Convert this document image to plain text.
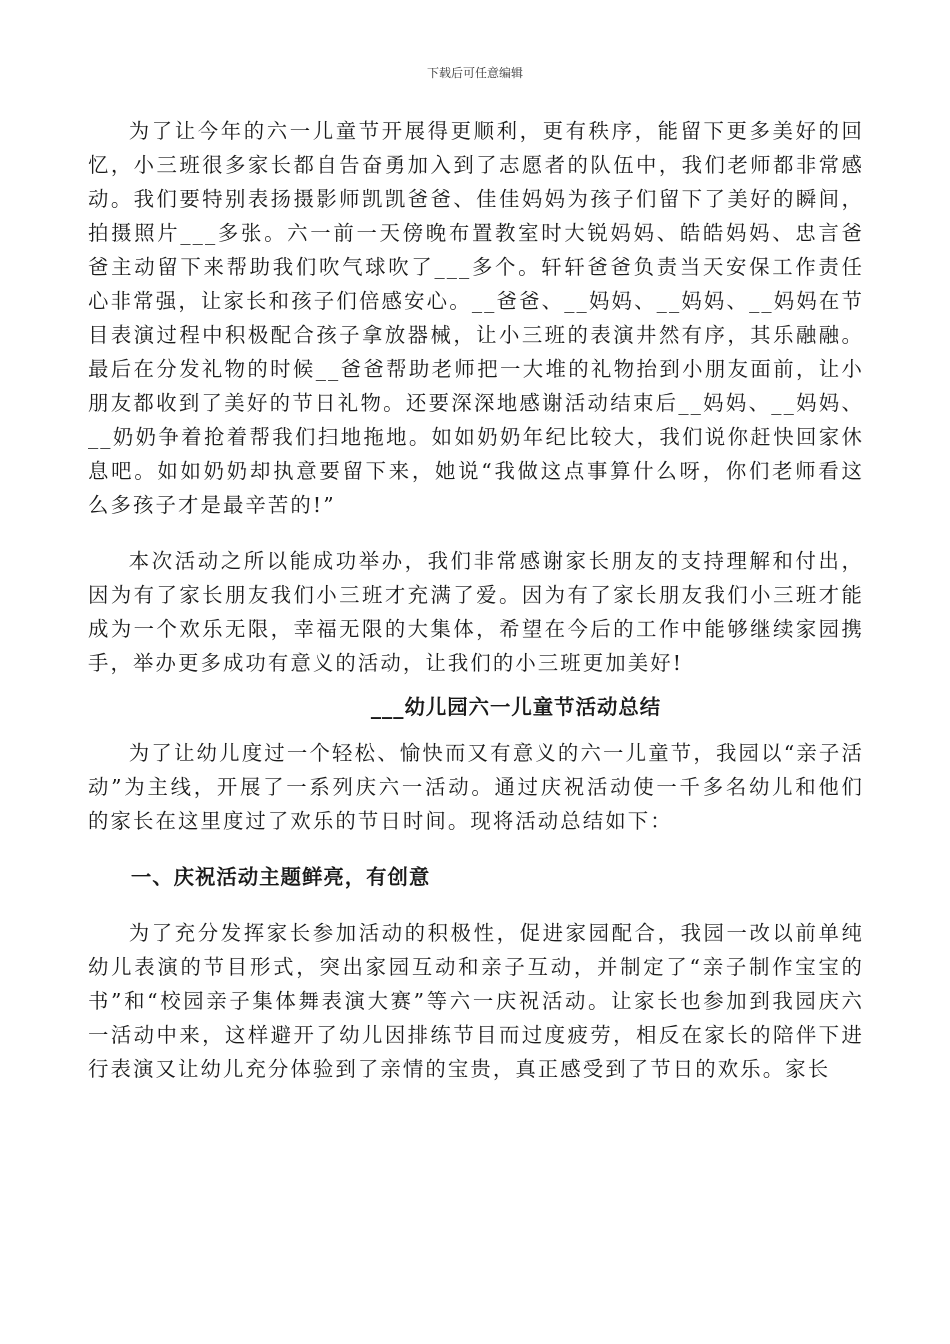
下载后可任意编辑

为了让今年的六一儿童节开展得更顺利，更有秩序，能留下更多美好的回忆，小三班很多家长都自告奋勇加入到了志愿者的队伍中，我们老师都非常感动。我们要特别表扬摄影师凯凯爸爸、佳佳妈妈为孩子们留下了美好的瞬间，拍摄照片___多张。六一前一天傍晚布置教室时大锐妈妈、皓皓妈妈、忠言爸爸主动留下来帮助我们吹气球吹了___多个。轩轩爸爸负责当天安保工作责任心非常强，让家长和孩子们倍感安心。__爸爸、__妈妈、__妈妈、__妈妈在节目表演过程中积极配合孩子拿放器械，让小三班的表演井然有序，其乐融融。最后在分发礼物的时候__爸爸帮助老师把一大堆的礼物抬到小朋友面前，让小朋友都收到了美好的节日礼物。还要深深地感谢活动结束后__妈妈、__妈妈、__奶奶争着抢着帮我们扫地拖地。如如奶奶年纪比较大，我们说你赶快回家休息吧。如如奶奶却执意要留下来，她说“我做这点事算什么呀，你们老师看这么多孩子才是最辛苦的!”

本次活动之所以能成功举办，我们非常感谢家长朋友的支持理解和付出，因为有了家长朋友我们小三班才充满了爱。因为有了家长朋友我们小三班才能成为一个欢乐无限，幸福无限的大集体，希望在今后的工作中能够继续家园携手，举办更多成功有意义的活动，让我们的小三班更加美好!

___幼儿园六一儿童节活动总结

为了让幼儿度过一个轻松、愉快而又有意义的六一儿童节，我园以“亲子活动”为主线，开展了一系列庆六一活动。通过庆祝活动使一千多名幼儿和他们的家长在这里度过了欢乐的节日时间。现将活动总结如下：

一、庆祝活动主题鲜亮，有创意

为了充分发挥家长参加活动的积极性，促进家园配合，我园一改以前单纯幼儿表演的节目形式，突出家园互动和亲子互动，并制定了“亲子制作宝宝的书”和“校园亲子集体舞表演大赛”等六一庆祝活动。让家长也参加到我园庆六一活动中来，这样避开了幼儿因排练节目而过度疲劳，相反在家长的陪伴下进行表演又让幼儿充分体验到了亲情的宝贵，真正感受到了节日的欢乐。家长
